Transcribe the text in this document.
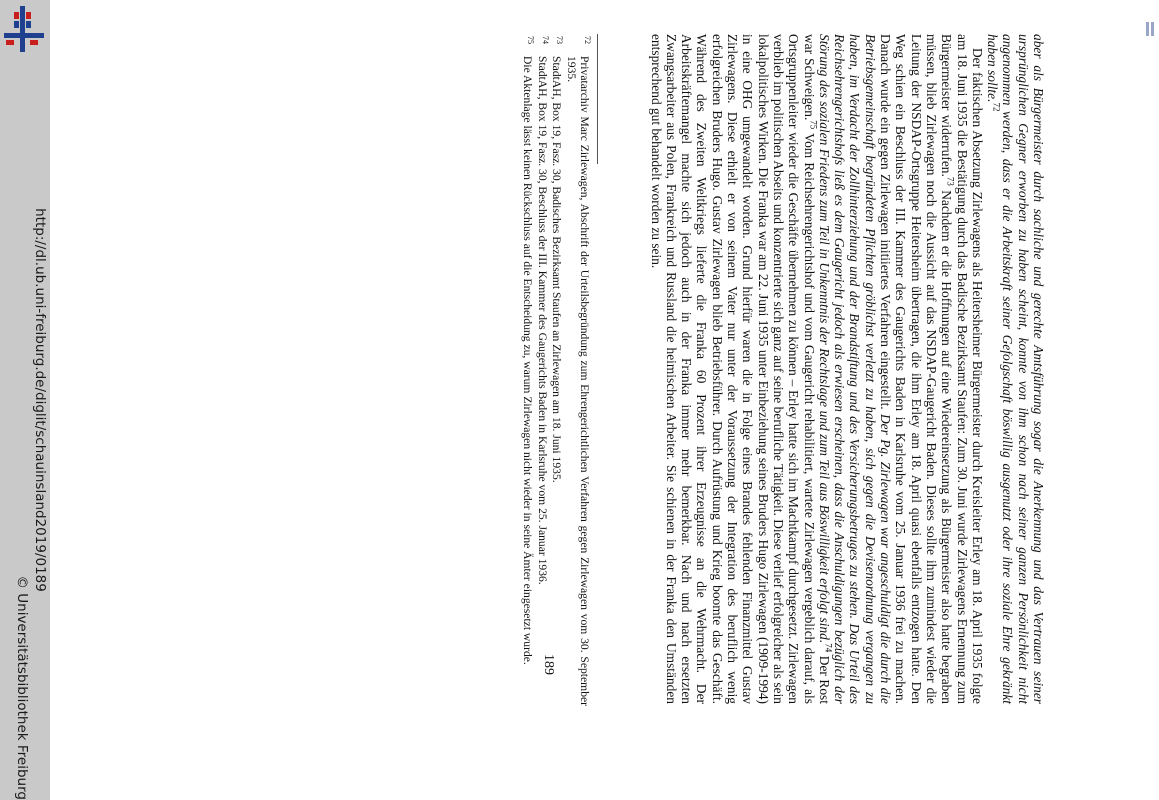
http://dl.ub.uni-freiburg.de/diglit/schauinsland2019/0189
© Universitätsbibliothek Freiburg	aber als Bürgermeister durch sachliche und gerechte Amtsführung sogar die Anerkennung und das Vertrauen seiner ursprünglichen Gegner erworben zu haben scheint, konnte von ihm schon nach seiner ganzen Persönlichkeit nicht angenommen werden, dass er die Arbeitskraft seiner Gefolgschaft böswillig ausgenutzt oder ihre soziale Ehre gekränkt haben sollte.$^{72}$

Der faktischen Absetzung Zirlewagens als Heitersheimer Bürgermeister durch Kreisleiter Erley am 18. April 1935 folgte am 18. Juni 1935 die Bestätigung durch das Badische Bezirksamt Staufen: Zum 30. Juni wurde Zirlewagens Ernennung zum Bürgermeister widerrufen.$^{73}$ Nachdem er die Hoffnungen auf eine Wiedereinsetzung als Bürgermeister also hatte begraben müssen, blieb Zirlewagen noch die Aussicht auf das NSDAP-Gaugericht Baden. Dieses sollte ihm zumindest wieder die Leitung der NSDAP-Ortsgruppe Heitersheim übertragen, die ihm Erley am 18. April quasi ebenfalls entzogen hatte. Den Weg schien ein Beschluss der III. Kammer des Gaugerichts Baden in Karlsruhe vom 25. Januar 1936 frei zu machen. Danach wurde ein gegen Zirlewagen initiiertes Verfahren eingestellt. Der Pg. Zirlewagen war angeschuldigt die durch die Betriebsgemeinschaft begründeten Pflichten gröblichst verletzt zu haben, sich gegen die Devisenordnung vergangen zu haben, im Verdacht der Zollhinterziehung und der Brandstiftung und des Versicherungsbetruges zu stehen. Das Urteil des Reichsehrengerichtshofs ließ es dem Gaugericht jedoch als erwiesen erscheinen, dass die Anschuldigungen bezüglich der Störung des sozialen Friedens zum Teil in Unkenntnis der Rechtslage und zum Teil aus Böswilligkeit erfolgt sind.$^{74}$ Der Rost war Schweigen.$^{75}$ Vom Reichsehrengerichtshof und vom Gaugericht rehabilitiert, wartete Zirlewagen vergeblich darauf, als Ortsgruppenleiter wieder die Geschäfte übernehmen zu können – Erley hatte sich im Machtkampf durchgesetzt. Zirlewagen verblieb im politischen Abseits und konzentrierte sich ganz auf seine berufliche Tätigkeit. Diese verlief erfolgreicher als sein lokalpolitisches Wirken. Die Franka war am 22. Juni 1935 unter Einbeziehung seines Bruders Hugo Zirlewagen (1909-1994) in eine OHG umgewandelt worden. Grund hierfür waren die in Folge eines Brandes fehlenden Finanzmittel Gustav Zirlewagens. Diese erhielt er von seinem Vater nur unter der Voraussetzung der Integration des beruflich wenig erfolgreichen Bruders Hugo. Gustav Zirlewagen blieb Betriebsführer. Durch Aufrüstung und Krieg boomte das Geschäft. Während des Zweiten Weltkriegs lieferte die Franka 60 Prozent ihrer Erzeugnisse an die Wehrmacht. Der Arbeitskräftemangel machte sich jedoch auch in der Franka immer mehr bemerkbar. Nach und nach ersetzten Zwangsarbeiter aus Polen, Frankreich und Russland die heimischen Arbeiter. Sie schienen in der Franka den Umständen entsprechend gut behandelt worden zu sein.

72
Privatarchiv Marc Zirlewagen, Abschrift der Urteilsbegründung zum Ehrengerichtlichen Verfahren gegen Zirlewagen vom 30. September 1935.
73
StadtAH, Box 19, Fasz. 30, Badisches Bezirksamt Staufen an Zirlewagen am 18. Juni 1935.
74
StadtAH, Box 19, Fasz. 30, Beschluss der III. Kammer des Gaugerichts Baden in Karlsruhe vom 25. Januar 1936.
75
Die Aktenlage lässt keinen Rückschluss auf die Entscheidung zu, warum Zirlewagen nicht wieder in seine Ämter eingesetzt wurde. 189
